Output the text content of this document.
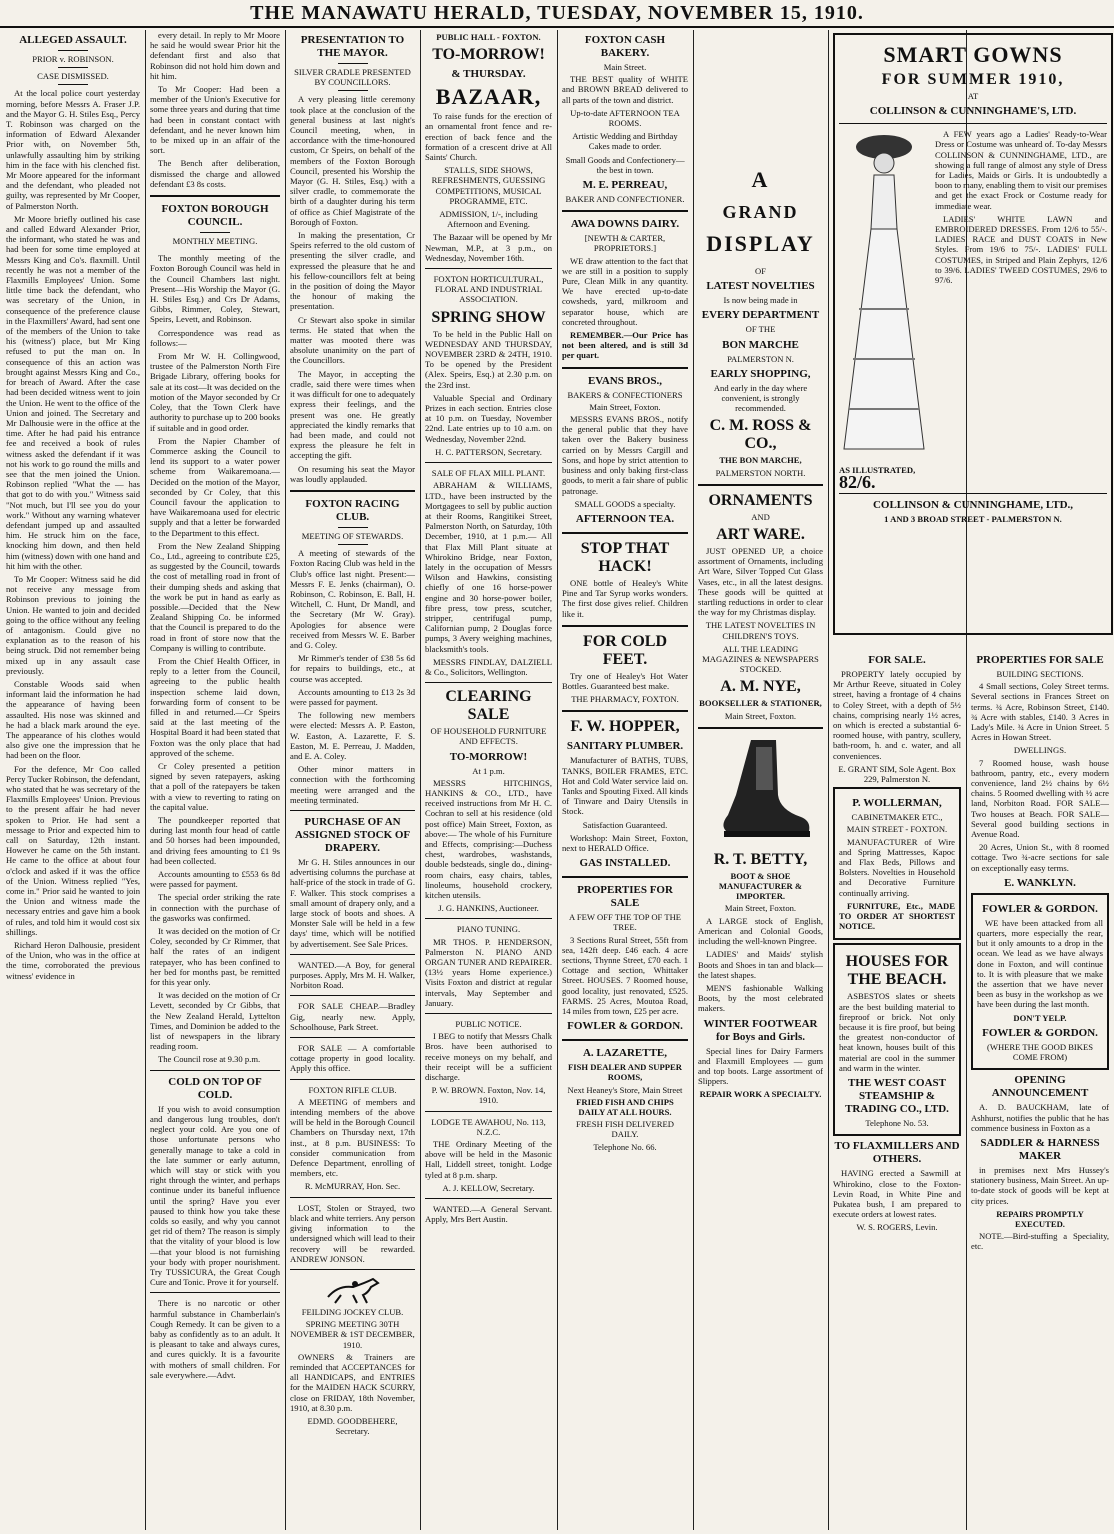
THE MANAWATU HERALD, TUESDAY, NOVEMBER 15, 1910.
ALLEGED ASSAULT.
PRIOR v. ROBINSON.
CASE DISMISSED.

At the local police court yesterday morning, before Messrs A. Fraser J.P. and the Mayor G. H. Stiles Esq., Percy T. Robinson was charged on the information of Edward Alexander Prior with, on November 5th, unlawfully assaulting him by striking him in the face with his clenched fist. Mr Moore appeared for the informant and the defendant, who pleaded not guilty, was represented by Mr Cooper, of Palmerston North.

Mr Moore briefly outlined his case and called Edward Alexander Prior, the informant, who stated he was and had been for some time employed at Messrs King and Co's. flaxmill. Until recently he was not a member of the Flaxmills Employees' Union. Some little time back the defendant, who was secretary of the Union, in consequence of the preference clause in the Flaxmillers' Award, had sent one of the members of the Union to take his (witness') place, but Mr King refused to put the man on. In consequence of this an action was brought against Messrs King and Co., for breach of Award. After the case had been decided witness went to join the Union. He went to the office of the Union and joined. The Secretary and Mr Dalhousie were in the office at the time. After he had paid his entrance fee and received a book of rules witness asked the defendant if it was not his work to go round the mills and see that the men joined the Union. Robinson replied "What the — has that got to do with you." Witness said "Not much, but I'll see you do your work." Without any warning whatever defendant jumped up and assaulted him. He struck him on the face, knocking him down, and then held him (witness) down with one hand and hit him with the other.

To Mr Cooper: Witness said he did not receive any message from Robinson previous to joining the Union. He wanted to join and decided going to the office without any feeling of antagonism. Could give no explanation as to the reason of his being struck. Did not remember being mixed up in any assault case previously.

Constable Woods said when informant laid the information he had the appearance of having been assaulted. His nose was skinned and he had a black mark around the eye. The appearance of his clothes would also give one the impression that he had been on the floor.

For the defence, Mr Coo called Percy Tucker Robinson, the defendant, who stated that he was secretary of the Flaxmills Employees' Union. Previous to the present affair he had never spoken to Prior. He had sent a message to Prior and expected him to call on Saturday, 12th instant. However he came on the 5th instant. He came to the office at about four o'clock and asked if it was the office of the Union. Witness replied "Yes, come in." Prior said he wanted to join the Union and witness made the necessary entries and gave him a book of rules, and told him it would cost six shillings.

Richard Heron Dalhousie, president of the Union, who was in the office at the time, corroborated the previous witness' evidence in

every detail. In reply to Mr Moore he said he would swear Prior hit the defendant first and also that Robinson did not hold him down and hit him.

To Mr Cooper: Had been a member of the Union's Executive for some three years and during that time had been in constant contact with defendant, and he never known him to be mixed up in an affair of the sort.

The Bench after deliberation, dismissed the charge and allowed defendant £3 8s costs.

FOXTON BOROUGH COUNCIL.
MONTHLY MEETING.

The monthly meeting of the Foxton Borough Council was held in the Council Chambers last night. Present—His Worship the Mayor (G. H. Stiles Esq.) and Crs Dr Adams, Gibbs, Rimmer, Coley, Stewart, Speirs, Levett, and Robinson.

Correspondence was read as follows:—

From Mr W. H. Collingwood, trustee of the Palmerston North Fire Brigade Library, offering books for sale at its cost—It was decided on the motion of the Mayor seconded by Cr Coley, that the Town Clerk have authority to purchase up to 200 books if suitable and in good order.

From the Napier Chamber of Commerce asking the Council to lend its support to a water power scheme from Waikaremoana.—Decided on the motion of the Mayor, seconded by Cr Coley, that this Council favour the application to have Waikaremoana used for electric supply and that a letter be forwarded to the Department to this effect.

From the New Zealand Shipping Co., Ltd., agreeing to contribute £25, as suggested by the Council, towards the cost of metalling road in front of their dumping sheds and asking that the work be put in hand as early as possible.—Decided that the New Zealand Shipping Co. be informed that the Council is prepared to do the road in front of store now that the Company is willing to contribute.

From the Chief Health Officer, in reply to a letter from the Council, agreeing to the public health inspection scheme laid down, forwarding form of consent to be filled in and returned.—Cr Speirs said at the last meeting of the Hospital Board it had been stated that Foxton was the only place that had approved of the scheme.

Cr Coley presented a petition signed by seven ratepayers, asking that a poll of the ratepayers be taken with a view to reverting to rating on the capital value.

The poundkeeper reported that during last month four head of cattle and 50 horses had been impounded, and driving fees amounting to £1 9s had been collected.

Accounts amounting to £553 6s 8d were passed for payment.

The special order striking the rate in connection with the purchase of the gasworks was confirmed.

It was decided on the motion of Cr Coley, seconded by Cr Rimmer, that half the rates of an indigent ratepayer, who has been confined to her bed for months past, be remitted for this year only.

It was decided on the motion of Cr Levett, seconded by Cr Gibbs, that the New Zealand Herald, Lyttelton Times, and Dominion be added to the list of newspapers in the library reading room.

The Council rose at 9.30 p.m.

COLD ON TOP OF COLD.

If you wish to avoid consumption and dangerous lung troubles, don't neglect your cold. Are you one of those unfortunate persons who generally manage to take a cold in the late summer or early autumn, which will stay or stick with you right through the winter, and perhaps continue under its baneful influence until the spring? Have you ever paused to think how you take these colds so easily, and why you cannot get rid of them? The reason is simply that the vitality of your blood is low—that your blood is not furnishing your body with proper nourishment. Try TUSSICURA, the Great Cough Cure and Tonic. Prove it for yourself.

There is no narcotic or other harmful substance in Chamberlain's Cough Remedy. It can be given to a baby as confidently as to an adult. It is pleasant to take and always cures, and cures quickly. It is a favourite with mothers of small children. For sale everywhere.—Advt.

PRESENTATION TO THE MAYOR.
SILVER CRADLE PRESENTED BY COUNCILLORS.

A very pleasing little ceremony took place at the conclusion of the general business at last night's Council meeting, when, in accordance with the time-honoured custom, Cr Speirs, on behalf of the members of the Foxton Borough Council, presented his Worship the Mayor (G. H. Stiles, Esq.) with a silver cradle, to commemorate the birth of a daughter during his term of office as Chief Magistrate of the Borough of Foxton.

In making the presentation, Cr Speirs referred to the old custom of presenting the silver cradle, and expressed the pleasure that he and his fellow-councillors felt at being in the position of doing the Mayor the honour of making the presentation.

Cr Stewart also spoke in similar terms. He stated that when the matter was mooted there was absolute unanimity on the part of the Councillors.

The Mayor, in accepting the cradle, said there were times when it was difficult for one to adequately express their feelings, and the present was one. He greatly appreciated the kindly remarks that had been made, and could not express the pleasure he felt in accepting the gift.

On resuming his seat the Mayor was loudly applauded.

FOXTON RACING CLUB.
MEETING OF STEWARDS.

A meeting of stewards of the Foxton Racing Club was held in the Club's office last night. Present:—Messrs F. E. Jenks (chairman), O. Robinson, C. Robinson, E. Ball, H. Witchell, C. Hunt, Dr Mandl, and the Secretary (Mr W. Gray). Apologies for absence were received from Messrs W. E. Barber and G. Coley.

Mr Rimmer's tender of £38 5s 6d for repairs to buildings, etc., at course was accepted.

Accounts amounting to £13 2s 3d were passed for payment.

The following new members were elected: Messrs A. P. Easton, W. Easton, A. Lazarette, F. S. Easton, M. E. Perreau, J. Madden, and E. A. Coley.

Other minor matters in connection with the forthcoming meeting were arranged and the meeting terminated.

PURCHASE OF AN ASSIGNED STOCK OF DRAPERY.

Mr G. H. Stiles announces in our advertising columns the purchase at half-price of the stock in trade of G. F. Walker. This stock comprises a small amount of drapery only, and a large stock of boots and shoes. A Monster Sale will be held in a few days' time, which will be notified by advertisement. See Sale Prices.

WANTED.—A Boy, for general purposes. Apply, Mrs M. H. Walker, Norbiton Road.

FOR SALE CHEAP.—Bradley Gig, nearly new. Apply, Schoolhouse, Park Street.

FOR SALE — A comfortable cottage property in good locality. Apply this office.

FOXTON RIFLE CLUB.

A MEETING of members and intending members of the above will be held in the Borough Council Chambers on Thursday next, 17th inst., at 8 p.m. BUSINESS: To consider communication from Defence Department, enrolling of members, etc.

R. McMURRAY, Hon. Sec.

LOST, Stolen or Strayed, two black and white terriers. Any person giving information to the undersigned which will lead to their recovery will be rewarded. ANDREW JONSON.

FEILDING JOCKEY CLUB.
SPRING MEETING 30TH NOVEMBER & 1ST DECEMBER, 1910.

OWNERS & Trainers are reminded that ACCEPTANCES for all HANDICAPS, and ENTRIES for the MAIDEN HACK SCURRY, close on FRIDAY, 18th November, 1910, at 8.30 p.m.

EDMD. GOODBEHERE, Secretary.

PUBLIC HALL - FOXTON.
TO-MORROW!
& THURSDAY.
BAZAAR,

To raise funds for the erection of an ornamental front fence and re-erection of back fence and the formation of a crescent drive at All Saints' Church.

STALLS, SIDE SHOWS, REFRESHMENTS, GUESSING COMPETITIONS, MUSICAL PROGRAMME, ETC.

ADMISSION, 1/-, including Afternoon and Evening.

The Bazaar will be opened by Mr Newman, M.P., at 3 p.m., on Wednesday, November 16th.

FOXTON HORTICULTURAL, FLORAL AND INDUSTRIAL ASSOCIATION.
SPRING SHOW

To be held in the Public Hall on WEDNESDAY AND THURSDAY, NOVEMBER 23RD & 24TH, 1910. To be opened by the President (Alex. Speirs, Esq.) at 2.30 p.m. on the 23rd inst.

Valuable Special and Ordinary Prizes in each section. Entries close at 10 p.m. on Tuesday, November 22nd. Late entries up to 10 a.m. on Wednesday, November 22nd.

H. C. PATTERSON, Secretary.

SALE OF FLAX MILL PLANT.

ABRAHAM & WILLIAMS, LTD., have been instructed by the Mortgagees to sell by public auction at their Rooms, Rangitikei Street, Palmerston North, on Saturday, 10th December, 1910, at 1 p.m.— All that Flax Mill Plant situate at Whirokino Bridge, near Foxton, lately in the occupation of Messrs Wilson and Hawkins, consisting chiefly of one 16 horse-power engine and 30 horse-power boiler, fibre press, tow press, scutcher, stripper, centrifugal pump, Californian pump, 2 Douglas force pumps, 3 Avery weighing machines, blacksmith's tools.

MESSRS FINDLAY, DALZIELL & Co., Solicitors, Wellington.

CLEARING SALE
OF HOUSEHOLD FURNITURE AND EFFECTS.
TO-MORROW!
At 1 p.m.

MESSRS HITCHINGS, HANKINS & CO., LTD., have received instructions from Mr H. C. Cochran to sell at his residence (old post office) Main Street, Foxton, as above:— The whole of his Furniture and Effects, comprising:—Duchess chest, wardrobes, washstands, double bedsteads, single do., dining-room chairs, easy chairs, tables, linoleums, household crockery, kitchen utensils.

J. G. HANKINS, Auctioneer.

PIANO TUNING.

MR THOS. P. HENDERSON, Palmerston N. PIANO AND ORGAN TUNER AND REPAIRER. (13½ years Home experience.) Visits Foxton and district at regular intervals, May September and January.

PUBLIC NOTICE.

I BEG to notify that Messrs Chalk Bros. have been authorised to receive moneys on my behalf, and their receipt will be a sufficient discharge.

P. W. BROWN. Foxton, Nov. 14, 1910.

LODGE TE AWAHOU, No. 113, N.Z.C.

THE Ordinary Meeting of the above will be held in the Masonic Hall, Liddell street, tonight. Lodge tyled at 8 p.m. sharp.

A. J. KELLOW, Secretary.

WANTED.—A General Servant. Apply, Mrs Bert Austin.

FOXTON CASH BAKERY.
Main Street.

THE BEST quality of WHITE and BROWN BREAD delivered to all parts of the town and district.

Up-to-date AFTERNOON TEA ROOMS.

Artistic Wedding and Birthday Cakes made to order.

Small Goods and Confectionery—the best in town.

M. E. PERREAU,
BAKER AND CONFECTIONER.
AWA DOWNS DAIRY.
[NEWTH & CARTER, PROPRIETORS.]

WE draw attention to the fact that we are still in a position to supply Pure, Clean Milk in any quantity. We have erected up-to-date cowsheds, yard, milkroom and separator house, which are concreted throughout.

REMEMBER.—Our Price has not been altered, and is still 3d per quart.

EVANS BROS.,
BAKERS & CONFECTIONERS
Main Street, Foxton.

MESSRS EVANS BROS., notify the general public that they have taken over the Bakery business carried on by Messrs Cargill and Sons, and hope by strict attention to business and only baking first-class goods, to merit a fair share of public patronage.

SMALL GOODS a specialty.

AFTERNOON TEA.
STOP THAT HACK!

ONE bottle of Healey's White Pine and Tar Syrup works wonders. The first dose gives relief. Children like it.

FOR COLD FEET.

Try one of Healey's Hot Water Bottles. Guaranteed best make.

THE PHARMACY, FOXTON.

F. W. HOPPER,
SANITARY PLUMBER.

Manufacturer of BATHS, TUBS, TANKS, BOILER FRAMES, ETC. Hot and Cold Water service laid on. Tanks and Spouting Fixed. All kinds of Tinware and Dairy Utensils in Stock.

Satisfaction Guaranteed.

Workshop: Main Street, Foxton, next to HERALD Office.

GAS INSTALLED.
PROPERTIES FOR SALE
A FEW OFF THE TOP OF THE TREE.

3 Sections Rural Street, 55ft from sea, 142ft deep. £46 each. 4 acre sections, Thynne Street, £70 each. 1 Cottage and section, Whittaker Street. HOUSES. 7 Roomed house, good locality, just renovated, £525. FARMS. 25 Acres, Moutoa Road, 14 miles from town, £25 per acre.

FOWLER & GORDON.
A. LAZARETTE,
FISH DEALER AND SUPPER ROOMS,
Next Heaney's Store, Main Street
FRIED FISH AND CHIPS DAILY AT ALL HOURS.
FRESH FISH DELIVERED DAILY.
Telephone No. 66.
A
GRAND
DISPLAY
OF
LATEST NOVELTIES
Is now being made in
EVERY DEPARTMENT
OF THE
BON MARCHE
PALMERSTON N.
EARLY SHOPPING,

And early in the day where convenient, is strongly recommended.

C. M. ROSS & CO.,
THE BON MARCHE,
PALMERSTON NORTH.
ORNAMENTS
AND
ART WARE.

JUST OPENED UP, a choice assortment of Ornaments, including Art Ware, Silver Topped Cut Glass Vases, etc., in all the latest designs. These goods will be quitted at startling reductions in order to clear the way for my Christmas display.

THE LATEST NOVELTIES IN CHILDREN'S TOYS.

ALL THE LEADING MAGAZINES & NEWSPAPERS STOCKED.

A. M. NYE,
BOOKSELLER & STATIONER,
Main Street, Foxton.
R. T. BETTY,
BOOT & SHOE MANUFACTURER & IMPORTER.
Main Street, Foxton.

A LARGE stock of English, American and Colonial Goods, including the well-known Pingree.

LADIES' and Maids' stylish Boots and Shoes in tan and black—the latest shapes.

MEN'S fashionable Walking Boots, by the most celebrated makers.

WINTER FOOTWEAR for Boys and Girls.

Special lines for Dairy Farmers and Flaxmill Employees — gum and top boots. Large assortment of Slippers.

REPAIR WORK A SPECIALTY.
SMART GOWNS
FOR SUMMER 1910,
AT
COLLINSON & CUNNINGHAME'S, LTD.

A FEW years ago a Ladies' Ready-to-Wear Dress or Costume was unheard of. To-day Messrs COLLINSON & CUNNINGHAME, LTD., are showing a full range of almost any style of Dress for Ladies, Maids or Girls. It is undoubtedly a boon to many, enabling them to visit our premises and get the exact Frock or Costume ready for immediate wear.

LADIES' WHITE LAWN and EMBROIDERED DRESSES. From 12/6 to 55/-. LADIES' RACE and DUST COATS in New Styles. From 19/6 to 75/-. LADIES' FULL COSTUMES, in Striped and Plain Zephyrs, 12/6 to 39/6. LADIES' TWEED COSTUMES, 29/6 to 97/6.

AS ILLUSTRATED,
82/6.
COLLINSON & CUNNINGHAME, LTD.,
1 AND 3 BROAD STREET - PALMERSTON N.
FOR SALE.

PROPERTY lately occupied by Mr Arthur Reeve, situated in Coley street, having a frontage of 4 chains to Coley Street, with a depth of 5½ chains, comprising nearly 1½ acres, on which is erected a substantial 6-roomed house, with pantry, scullery, bath-room, h. and c. water, and all conveniences.

E. GRANT SIM, Sole Agent. Box 229, Palmerston N.

P. WOLLERMAN,
CABINETMAKER ETC.,
MAIN STREET - FOXTON.

MANUFACTURER of Wire and Spring Mattresses, Kapoc and Flax Beds, Pillows and Bolsters. Novelties in Household and Decorative Furniture continually arriving.

FURNITURE, Etc., MADE TO ORDER AT SHORTEST NOTICE.

HOUSES FOR THE BEACH.

ASBESTOS slates or sheets are the best building material to fireproof or brick. Not only because it is fire proof, but being the greatest non-conductor of heat known, houses built of this material are cool in the summer and warm in the winter.

THE WEST COAST STEAMSHIP & TRADING CO., LTD.
Telephone No. 53.
TO FLAXMILLERS AND OTHERS.

HAVING erected a Sawmill at Whirokino, close to the Foxton-Levin Road, in White Pine and Pukatea bush, I am prepared to execute orders at lowest rates.

W. S. ROGERS, Levin.

PROPERTIES FOR SALE
BUILDING SECTIONS.

4 Small sections, Coley Street terms. Several sections in Frances Street on terms. ¾ Acre, Robinson Street, £140. ¾ Acre with stables, £140. 3 Acres in Lady's Mile. ¾ Acre in Union Street. 5 Acres in Howan Street.

DWELLINGS.

7 Roomed house, wash house bathroom, pantry, etc., every modern convenience, land 2½ chains by 6½ chains. 5 Roomed dwelling with ½ acre land, Norbiton Road. FOR SALE—Two houses at Beach. FOR SALE—Several good building sections in Avenue Road.

20 Acres, Union St., with 8 roomed cottage. Two ¾-acre sections for sale on exceptionally easy terms.

E. WANKLYN.
FOWLER & GORDON.

WE have been attacked from all quarters, more especially the rear, but it only amounts to a drop in the ocean. We lead as we have always done in Foxton, and will continue to. It is with pleasure that we make the assertion that we have never been as busy in the workshop as we have been during the last month.

DON'T YELP.
FOWLER & GORDON.
(WHERE THE GOOD BIKES COME FROM)
OPENING ANNOUNCEMENT

A. D. BAUCKHAM, late of Ashhurst, notifies the public that he has commence business in Foxton as a

SADDLER & HARNESS MAKER

in premises next Mrs Hussey's stationery business, Main Street. An up-to-date stock of goods will be kept at city prices.

REPAIRS PROMPTLY EXECUTED.

NOTE.—Bird-stuffing a Speciality, etc.
